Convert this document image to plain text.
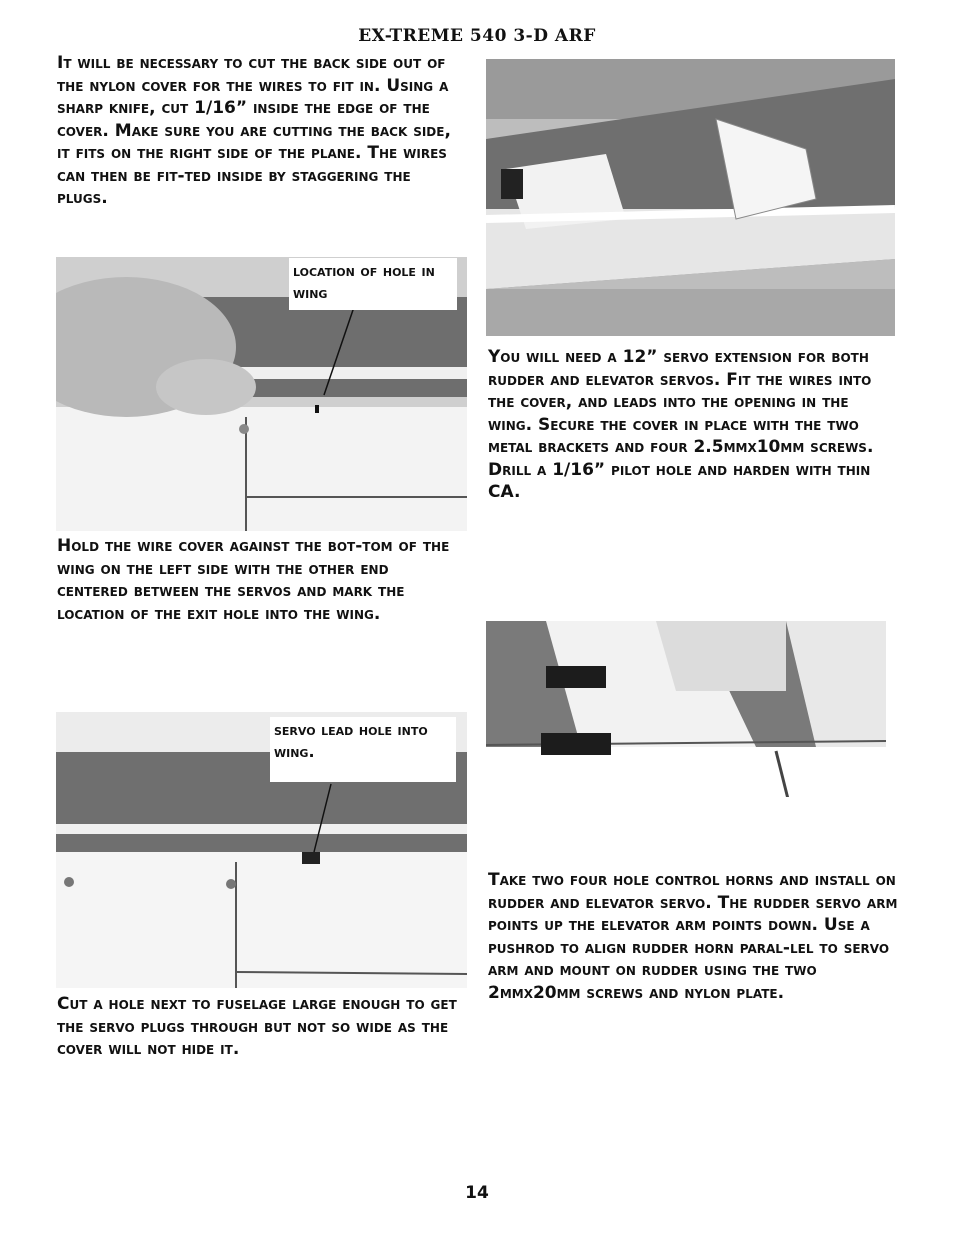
EX-TREME 540 3-D ARF

It will be necessary to cut the back side out of the nylon cover for the wires to fit in. Using a sharp knife, cut 1/16” inside the edge of the cover. Make sure you are cutting the back side, it fits on the right side of the plane. The wires can then be fit-ted inside by staggering the plugs.

location of hole in wing

Hold the wire cover against the bot-tom of the wing on the left side with the other end centered between the servos and mark the location of the exit hole into the wing.

You will need a 12” servo extension for both rudder and elevator servos. Fit the wires into the cover, and leads into the opening in the wing. Secure the cover in place with the two metal brackets and four 2.5mmx10mm screws. Drill a 1/16” pilot hole and harden with thin CA.

servo lead hole into wing.

Take two four hole control horns and install on rudder and elevator servo. The rudder servo arm points up the elevator arm points down. Use a pushrod to align rudder horn paral-lel to servo arm and mount on rudder using the two 2mmx20mm screws and nylon plate.

Cut a hole next to fuselage large enough to get the servo plugs through but not so wide as the cover will not hide it.

14
